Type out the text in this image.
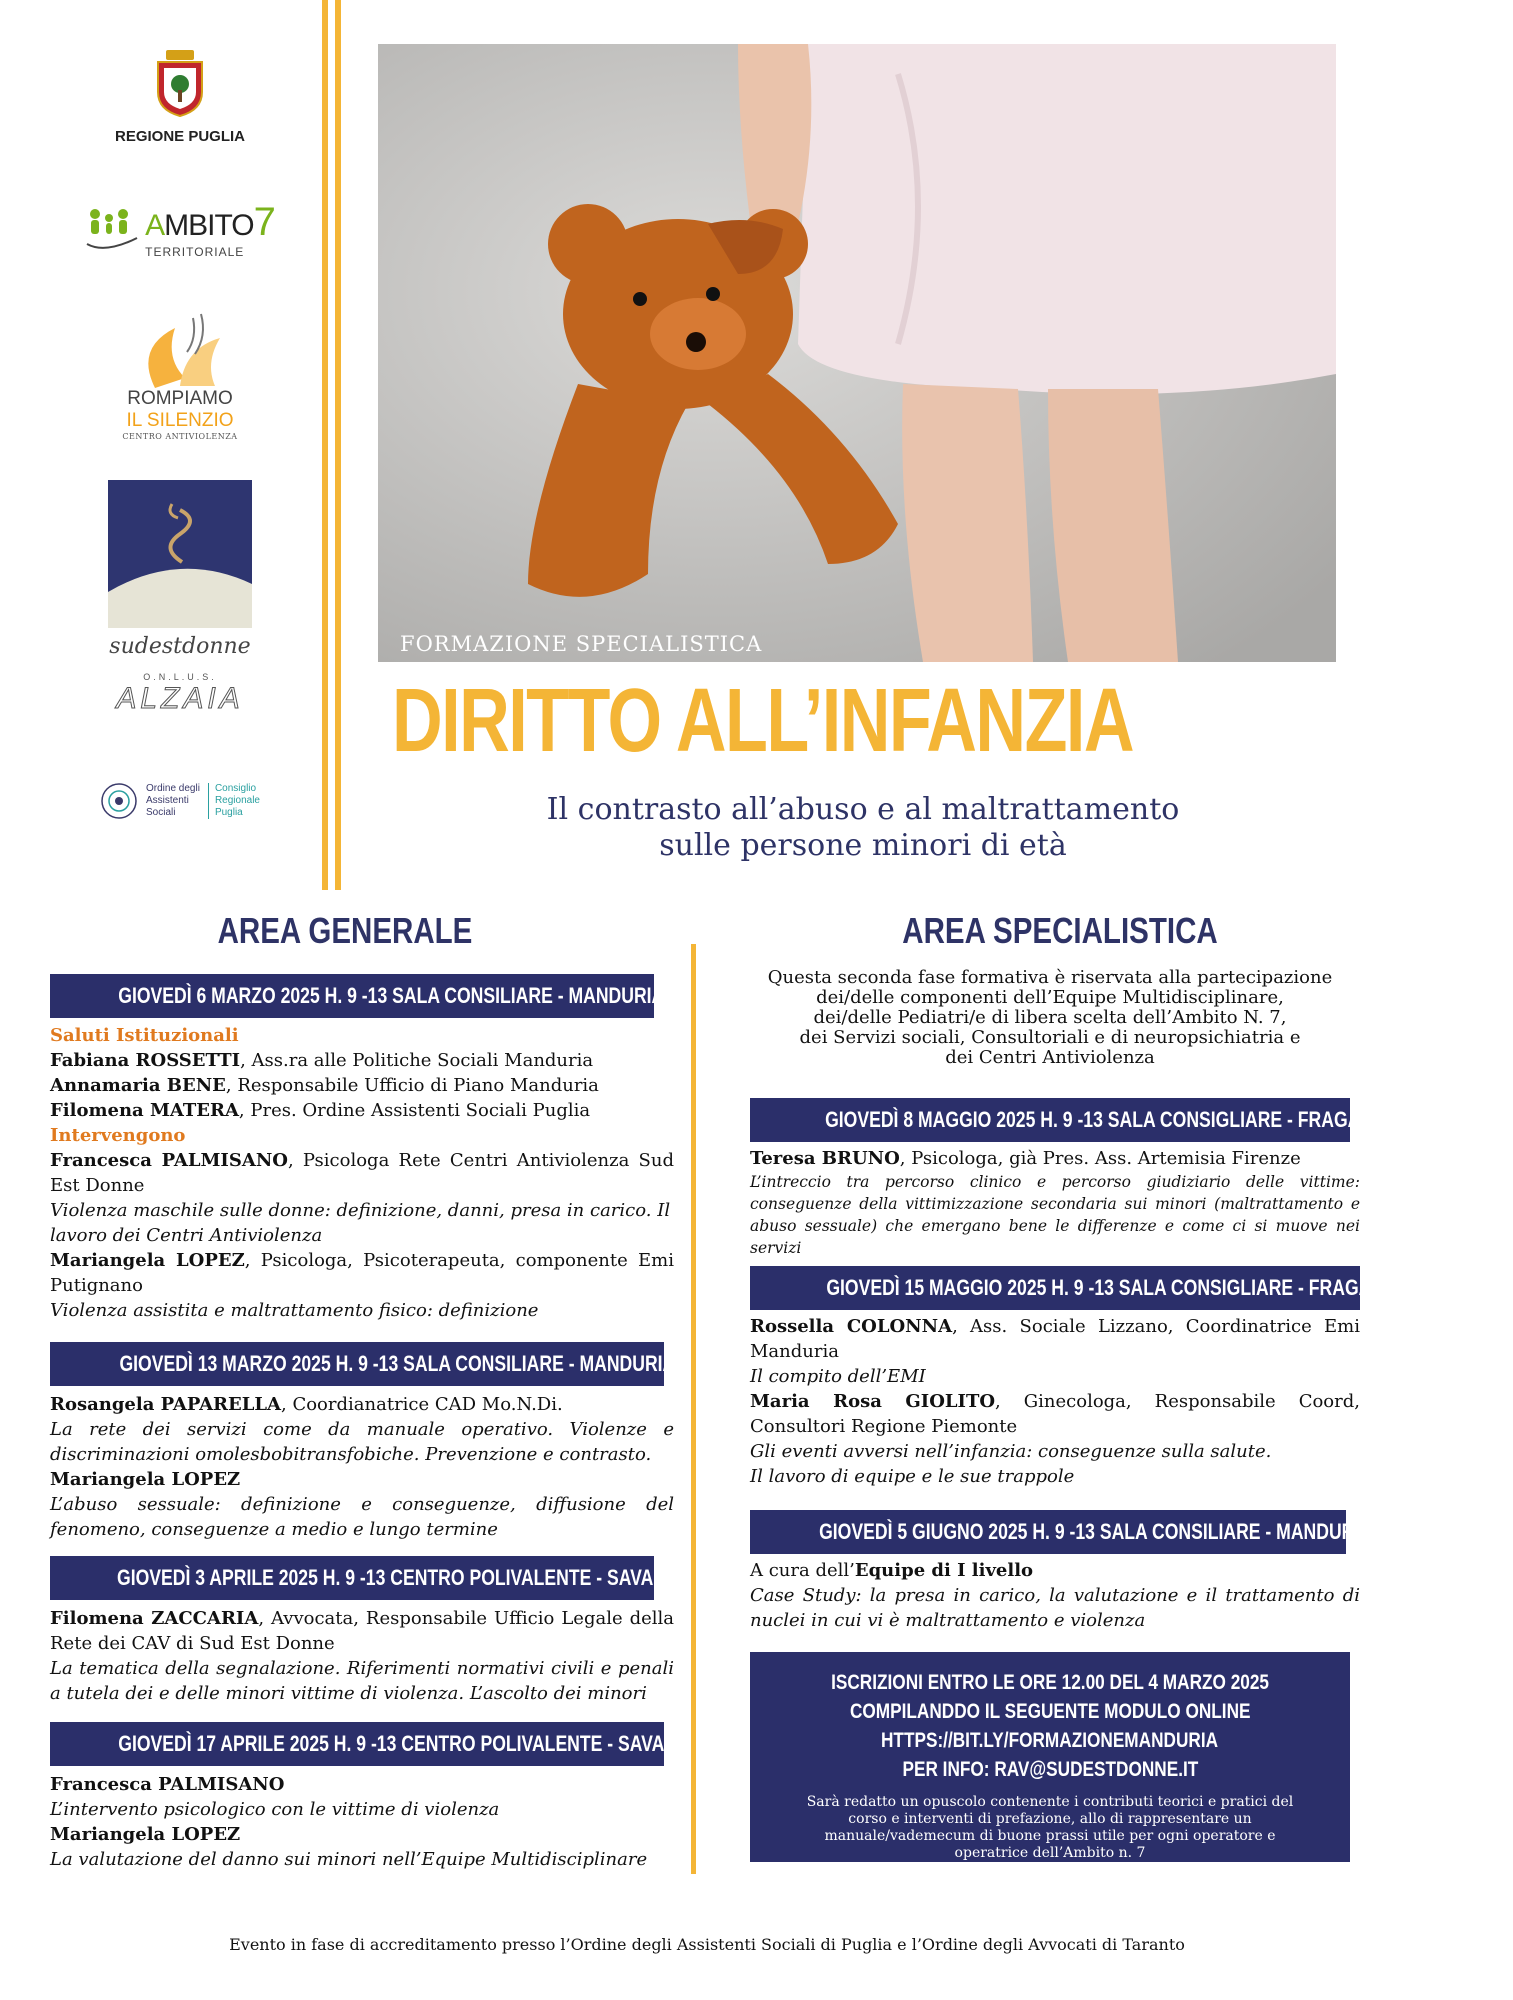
REGIONE PUGLIA
AMBITO7
TERRITORIALE
ROMPIAMO
IL SILENZIO
CENTRO ANTIVIOLENZA
sudestdonne
O.N.L.U.S.
ALZAIA
Ordine degli
Assistenti
Sociali
Consiglio
Regionale
Puglia
FORMAZIONE SPECIALISTICA
DIRITTO ALL’INFANZIA
Il contrasto all’abuso e al maltrattamento
sulle persone minori di età
AREA GENERALE
GIOVEDÌ 6 MARZO 2025 H. 9 -13 SALA CONSILIARE - MANDURIA

Saluti Istituzionali

Fabiana ROSSETTI, Ass.ra alle Politiche Sociali Manduria

Annamaria BENE, Responsabile Ufficio di Piano Manduria

Filomena MATERA, Pres. Ordine Assistenti Sociali Puglia

Intervengono

Francesca PALMISANO, Psicologa Rete Centri Antiviolenza Sud Est Donne

Violenza maschile sulle donne: definizione, danni, presa in carico. Il lavoro dei Centri Antiviolenza

Mariangela LOPEZ, Psicologa, Psicoterapeuta, componente Emi Putignano

Violenza assistita e maltrattamento fisico: definizione

GIOVEDÌ 13 MARZO 2025 H. 9 -13 SALA CONSILIARE - MANDURIA

Rosangela PAPARELLA, Coordianatrice CAD Mo.N.Di.

La rete dei servizi come da manuale operativo. Violenze e discriminazioni omolesbobitransfobiche. Prevenzione e contrasto.

Mariangela LOPEZ

L’abuso sessuale: definizione e conseguenze, diffusione del fenomeno, conseguenze a medio e lungo termine

GIOVEDÌ 3 APRILE 2025 H. 9 -13 CENTRO POLIVALENTE - SAVA

Filomena ZACCARIA, Avvocata, Responsabile Ufficio Legale della Rete dei CAV di Sud Est Donne

La tematica della segnalazione. Riferimenti normativi civili e penali a tutela dei e delle minori vittime di violenza. L’ascolto dei minori

GIOVEDÌ 17 APRILE 2025 H. 9 -13 CENTRO POLIVALENTE - SAVA

Francesca PALMISANO

L’intervento psicologico con le vittime di violenza

Mariangela LOPEZ

La valutazione del danno sui minori nell’Equipe Multidisciplinare

AREA SPECIALISTICA

Questa seconda fase formativa è riservata alla partecipazione

dei/delle componenti dell’Equipe Multidisciplinare,

dei/delle Pediatri/e di libera scelta dell’Ambito N. 7,

dei Servizi sociali, Consultoriali e di neuropsichiatria e

dei Centri Antiviolenza

GIOVEDÌ 8 MAGGIO 2025 H. 9 -13 SALA CONSIGLIARE - FRAGAGNANO

Teresa BRUNO, Psicologa, già Pres. Ass. Artemisia Firenze

L’intreccio tra percorso clinico e percorso giudiziario delle vittime: conseguenze della vittimizzazione secondaria sui minori (maltrattamento e abuso sessuale) che emergano bene le differenze e come ci si muove nei servizi

GIOVEDÌ 15 MAGGIO 2025 H. 9 -13 SALA CONSIGLIARE - FRAGAGNANO

Rossella COLONNA, Ass. Sociale Lizzano, Coordinatrice Emi Manduria

Il compito dell’EMI

Maria Rosa GIOLITO, Ginecologa, Responsabile Coord, Consultori Regione Piemonte

Gli eventi avversi nell’infanzia: conseguenze sulla salute.

Il lavoro di equipe e le sue trappole

GIOVEDÌ 5 GIUGNO 2025 H. 9 -13 SALA CONSILIARE - MANDURIA

A cura dell’Equipe di I livello

Case Study: la presa in carico, la valutazione e il trattamento di nuclei in cui vi è maltrattamento e violenza

ISCRIZIONI ENTRO LE ORE 12.00 DEL 4 MARZO 2025
COMPILANDDO IL SEGUENTE MODULO ONLINE
HTTPS://BIT.LY/FORMAZIONEMANDURIA
PER INFO: RAV@SUDESTDONNE.IT
Sarà redatto un opuscolo contenente i contributi teorici e pratici del corso e interventi di prefazione, allo di rappresentare un manuale/vademecum di buone prassi utile per ogni operatore e operatrice dell’Ambito n. 7
Evento in fase di accreditamento presso l’Ordine degli Assistenti Sociali di Puglia e l’Ordine degli Avvocati di Taranto
